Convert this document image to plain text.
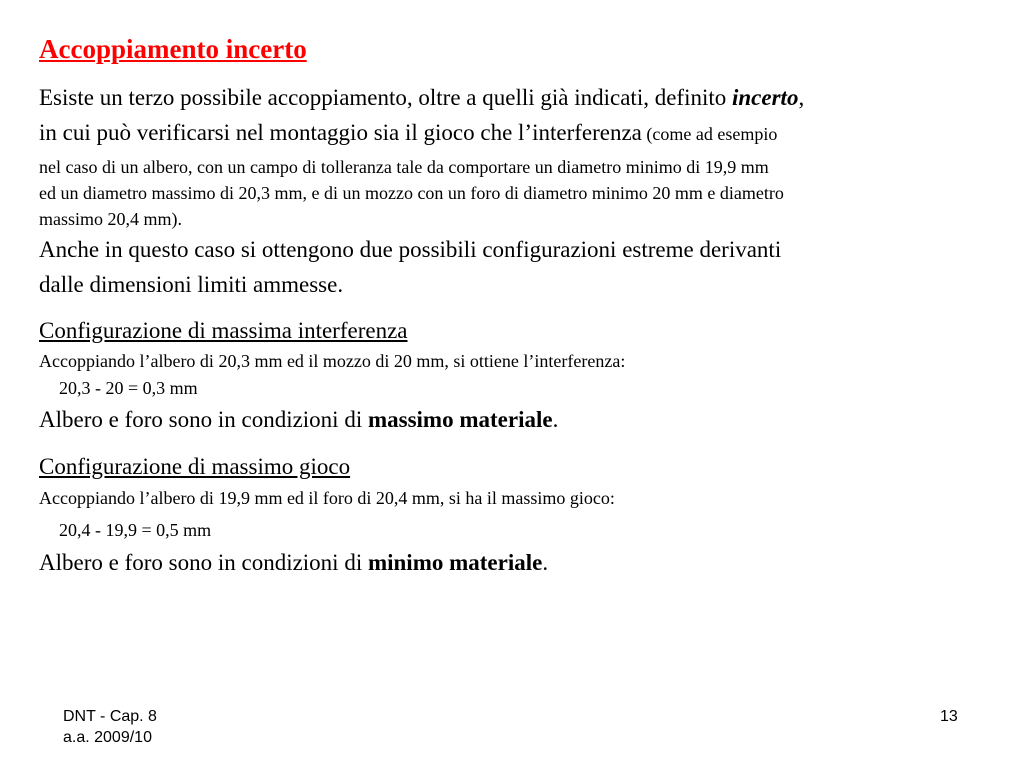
Accoppiamento incerto

Esiste un terzo possibile accoppiamento, oltre a quelli già indicati, definito incerto,

in cui può verificarsi nel montaggio sia il gioco che l’interferenza (come ad esempio

nel caso di un albero, con un campo di tolleranza tale da comportare un diametro minimo di 19,9 mm

ed un diametro massimo di 20,3 mm, e di un mozzo con un foro di diametro minimo 20 mm e diametro

massimo 20,4 mm).

Anche in questo caso si ottengono due possibili configurazioni estreme derivanti

dalle dimensioni limiti ammesse.

Configurazione di massima interferenza

Accoppiando l’albero di 20,3 mm ed il mozzo di 20 mm, si ottiene l’interferenza:

20,3 - 20 = 0,3 mm

Albero e foro sono in condizioni di massimo materiale.

Configurazione di massimo gioco

Accoppiando l’albero di 19,9 mm ed il foro di 20,4 mm, si ha il massimo gioco:

20,4 - 19,9 = 0,5 mm

Albero e foro sono in condizioni di minimo materiale.

DNT - Cap. 8
a.a. 2009/10
13
